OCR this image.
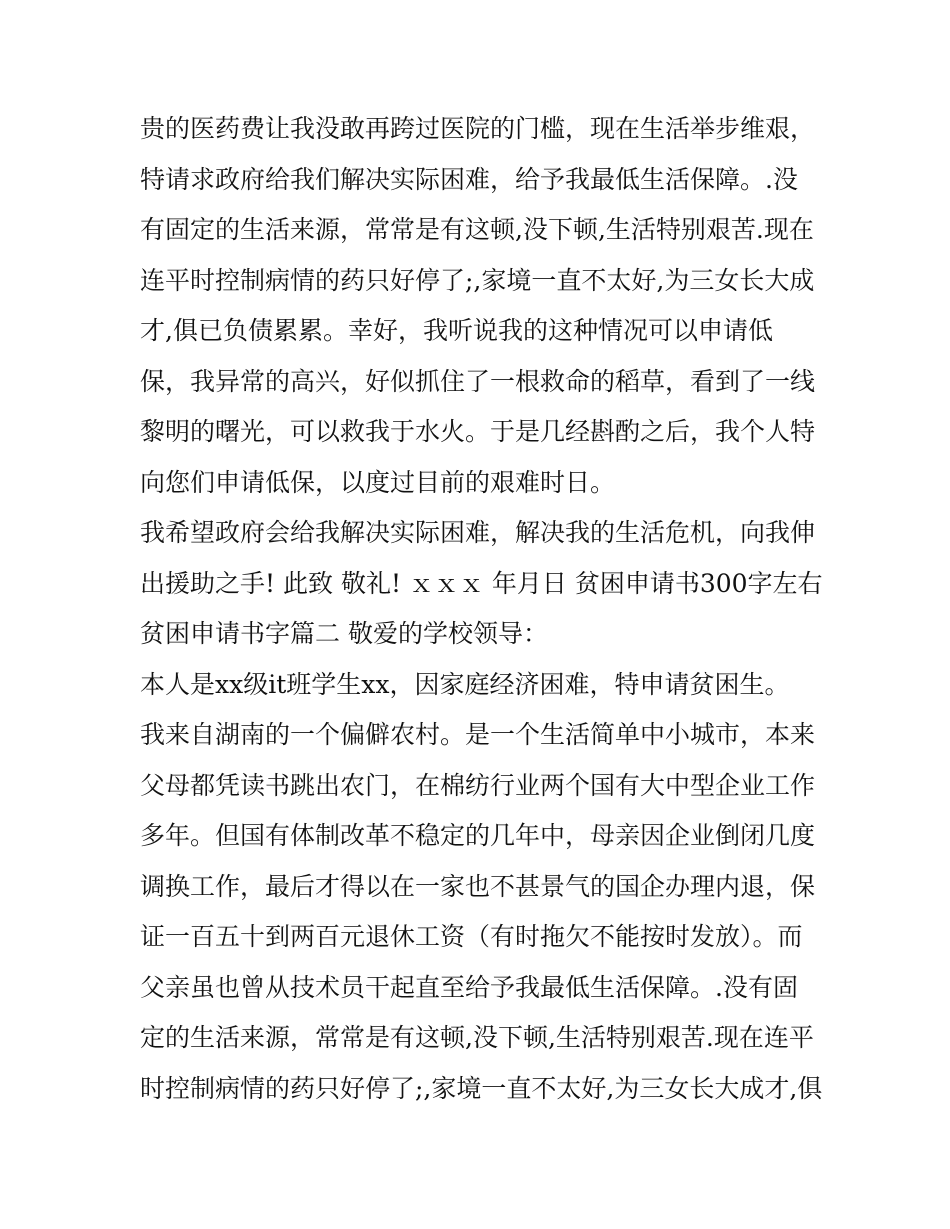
贵的医药费让我没敢再跨过医院的门槛，现在生活举步维艰，
特请求政府给我们解决实际困难，给予我最低生活保障。.没
有固定的生活来源，常常是有这顿,没下顿,生活特别艰苦.现在
连平时控制病情的药只好停了;,家境一直不太好,为三女长大成
才,俱已负债累累。幸好，我听说我的这种情况可以申请低
保，我异常的高兴，好似抓住了一根救命的稻草，看到了一线
黎明的曙光，可以救我于水火。于是几经斟酌之后，我个人特
向您们申请低保，以度过目前的艰难时日。
我希望政府会给我解决实际困难，解决我的生活危机，向我伸
出援助之手! 此致 敬礼! ｘｘｘ 年月日 贫困申请书300字左右
贫困申请书字篇二 敬爱的学校领导：
本人是xx级it班学生xx，因家庭经济困难，特申请贫困生。
我来自湖南的一个偏僻农村。是一个生活简单中小城市，本来
父母都凭读书跳出农门，在棉纺行业两个国有大中型企业工作
多年。但国有体制改革不稳定的几年中，母亲因企业倒闭几度
调换工作，最后才得以在一家也不甚景气的国企办理内退，保
证一百五十到两百元退休工资（有时拖欠不能按时发放）。而
父亲虽也曾从技术员干起直至给予我最低生活保障。.没有固
定的生活来源，常常是有这顿,没下顿,生活特别艰苦.现在连平
时控制病情的药只好停了;,家境一直不太好,为三女长大成才,俱
